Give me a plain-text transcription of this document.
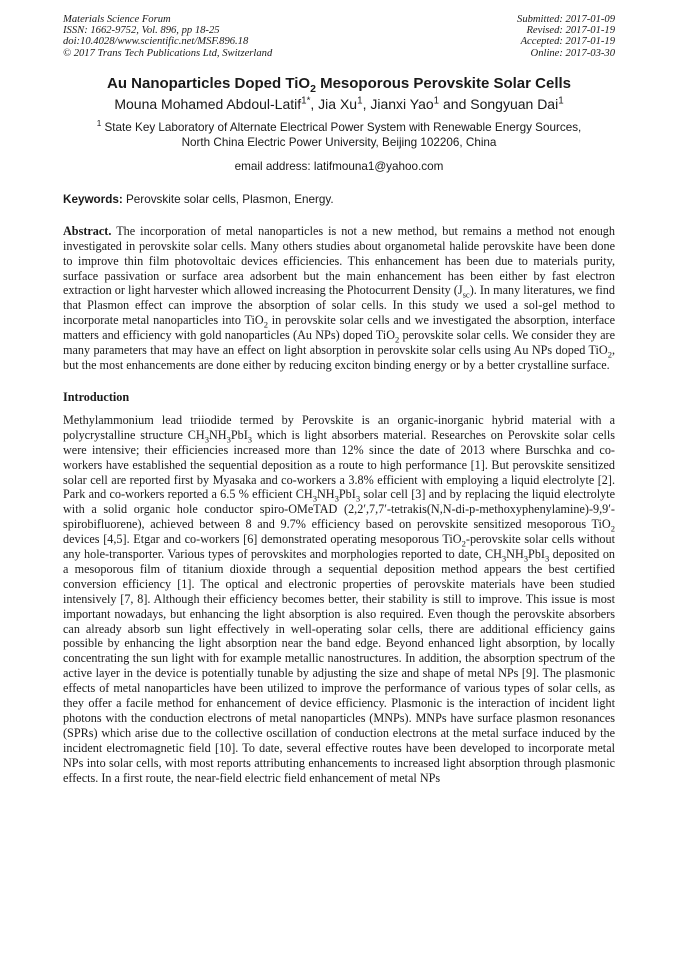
Materials Science Forum
ISSN: 1662-9752, Vol. 896, pp 18-25
doi:10.4028/www.scientific.net/MSF.896.18
© 2017 Trans Tech Publications Ltd, Switzerland
Submitted: 2017-01-09
Revised: 2017-01-19
Accepted: 2017-01-19
Online: 2017-03-30
Au Nanoparticles Doped TiO$_2$ Mesoporous Perovskite Solar Cells
Mouna Mohamed Abdoul-Latif$^{1*}$, Jia Xu$^1$, Jianxi Yao$^1$ and Songyuan Dai$^1$
$^1$ State Key Laboratory of Alternate Electrical Power System with Renewable Energy Sources,
North China Electric Power University, Beijing 102206, China
email address: latifmouna1@yahoo.com
Keywords: Perovskite solar cells, Plasmon, Energy.

Abstract. The incorporation of metal nanoparticles is not a new method, but remains a method not enough investigated in perovskite solar cells. Many others studies about organometal halide perovskite have been done to improve thin film photovoltaic devices efficiencies. This enhancement has been due to materials purity, surface passivation or surface area adsorbent but the main enhancement has been either by fast electron extraction or light harvester which allowed increasing the Photocurrent Density $(J_{sc})$. In many literatures, we find that Plasmon effect can improve the absorption of solar cells. In this study we used a sol-gel method to incorporate metal nanoparticles into TiO$_2$ in perovskite solar cells and we investigated the absorption, interface matters and efficiency with gold nanoparticles (Au NPs) doped TiO$_2$ perovskite solar cells. We consider they are many parameters that may have an effect on light absorption in perovskite solar cells using Au NPs doped TiO$_2$, but the most enhancements are done either by reducing exciton binding energy or by a better crystalline surface.

Introduction

Methylammonium lead triiodide termed by Perovskite is an organic-inorganic hybrid material with a polycrystalline structure $CH_3NH_3PbI_3$ which is light absorbers material. Researches on Perovskite solar cells were intensive; their efficiencies increased more than 12% since the date of 2013 where Burschka and co-workers have established the sequential deposition as a route to high performance [1]. But perovskite sensitized solar cell are reported first by Myasaka and co-workers a 3.8% efficient with employing a liquid electrolyte [2]. Park and co-workers reported a 6.5 % efficient $CH_3NH_3PbI_3$ solar cell [3] and by replacing the liquid electrolyte with a solid organic hole conductor spiro-OMeTAD (2,2′,7,7′-tetrakis(N,N-di-p-methoxyphenylamine)-9,9′-spirobifluorene), achieved between 8 and 9.7% efficiency based on perovskite sensitized mesoporous TiO$_2$ devices [4,5]. Etgar and co-workers [6] demonstrated operating mesoporous TiO$_2$-perovskite solar cells without any hole-transporter. Various types of perovskites and morphologies reported to date, $CH_3NH_3PbI_3$ deposited on a mesoporous film of titanium dioxide through a sequential deposition method appears the best certified conversion efficiency [1]. The optical and electronic properties of perovskite materials have been studied intensively [7, 8]. Although their efficiency becomes better, their stability is still to improve. This issue is most important nowadays, but enhancing the light absorption is also required. Even though the perovskite absorbers can already absorb sun light effectively in well-operating solar cells, there are additional efficiency gains possible by enhancing the light absorption near the band edge. Beyond enhanced light absorption, by locally concentrating the sun light with for example metallic nanostructures. In addition, the absorption spectrum of the active layer in the device is potentially tunable by adjusting the size and shape of metal NPs [9]. The plasmonic effects of metal nanoparticles have been utilized to improve the performance of various types of solar cells, as they offer a facile method for enhancement of device efficiency. Plasmonic is the interaction of incident light photons with the conduction electrons of metal nanoparticles (MNPs). MNPs have surface plasmon resonances (SPRs) which arise due to the collective oscillation of conduction electrons at the metal surface induced by the incident electromagnetic field [10]. To date, several effective routes have been developed to incorporate metal NPs into solar cells, with most reports attributing enhancements to increased light absorption through plasmonic effects. In a first route, the near-field electric field enhancement of metal NPs
